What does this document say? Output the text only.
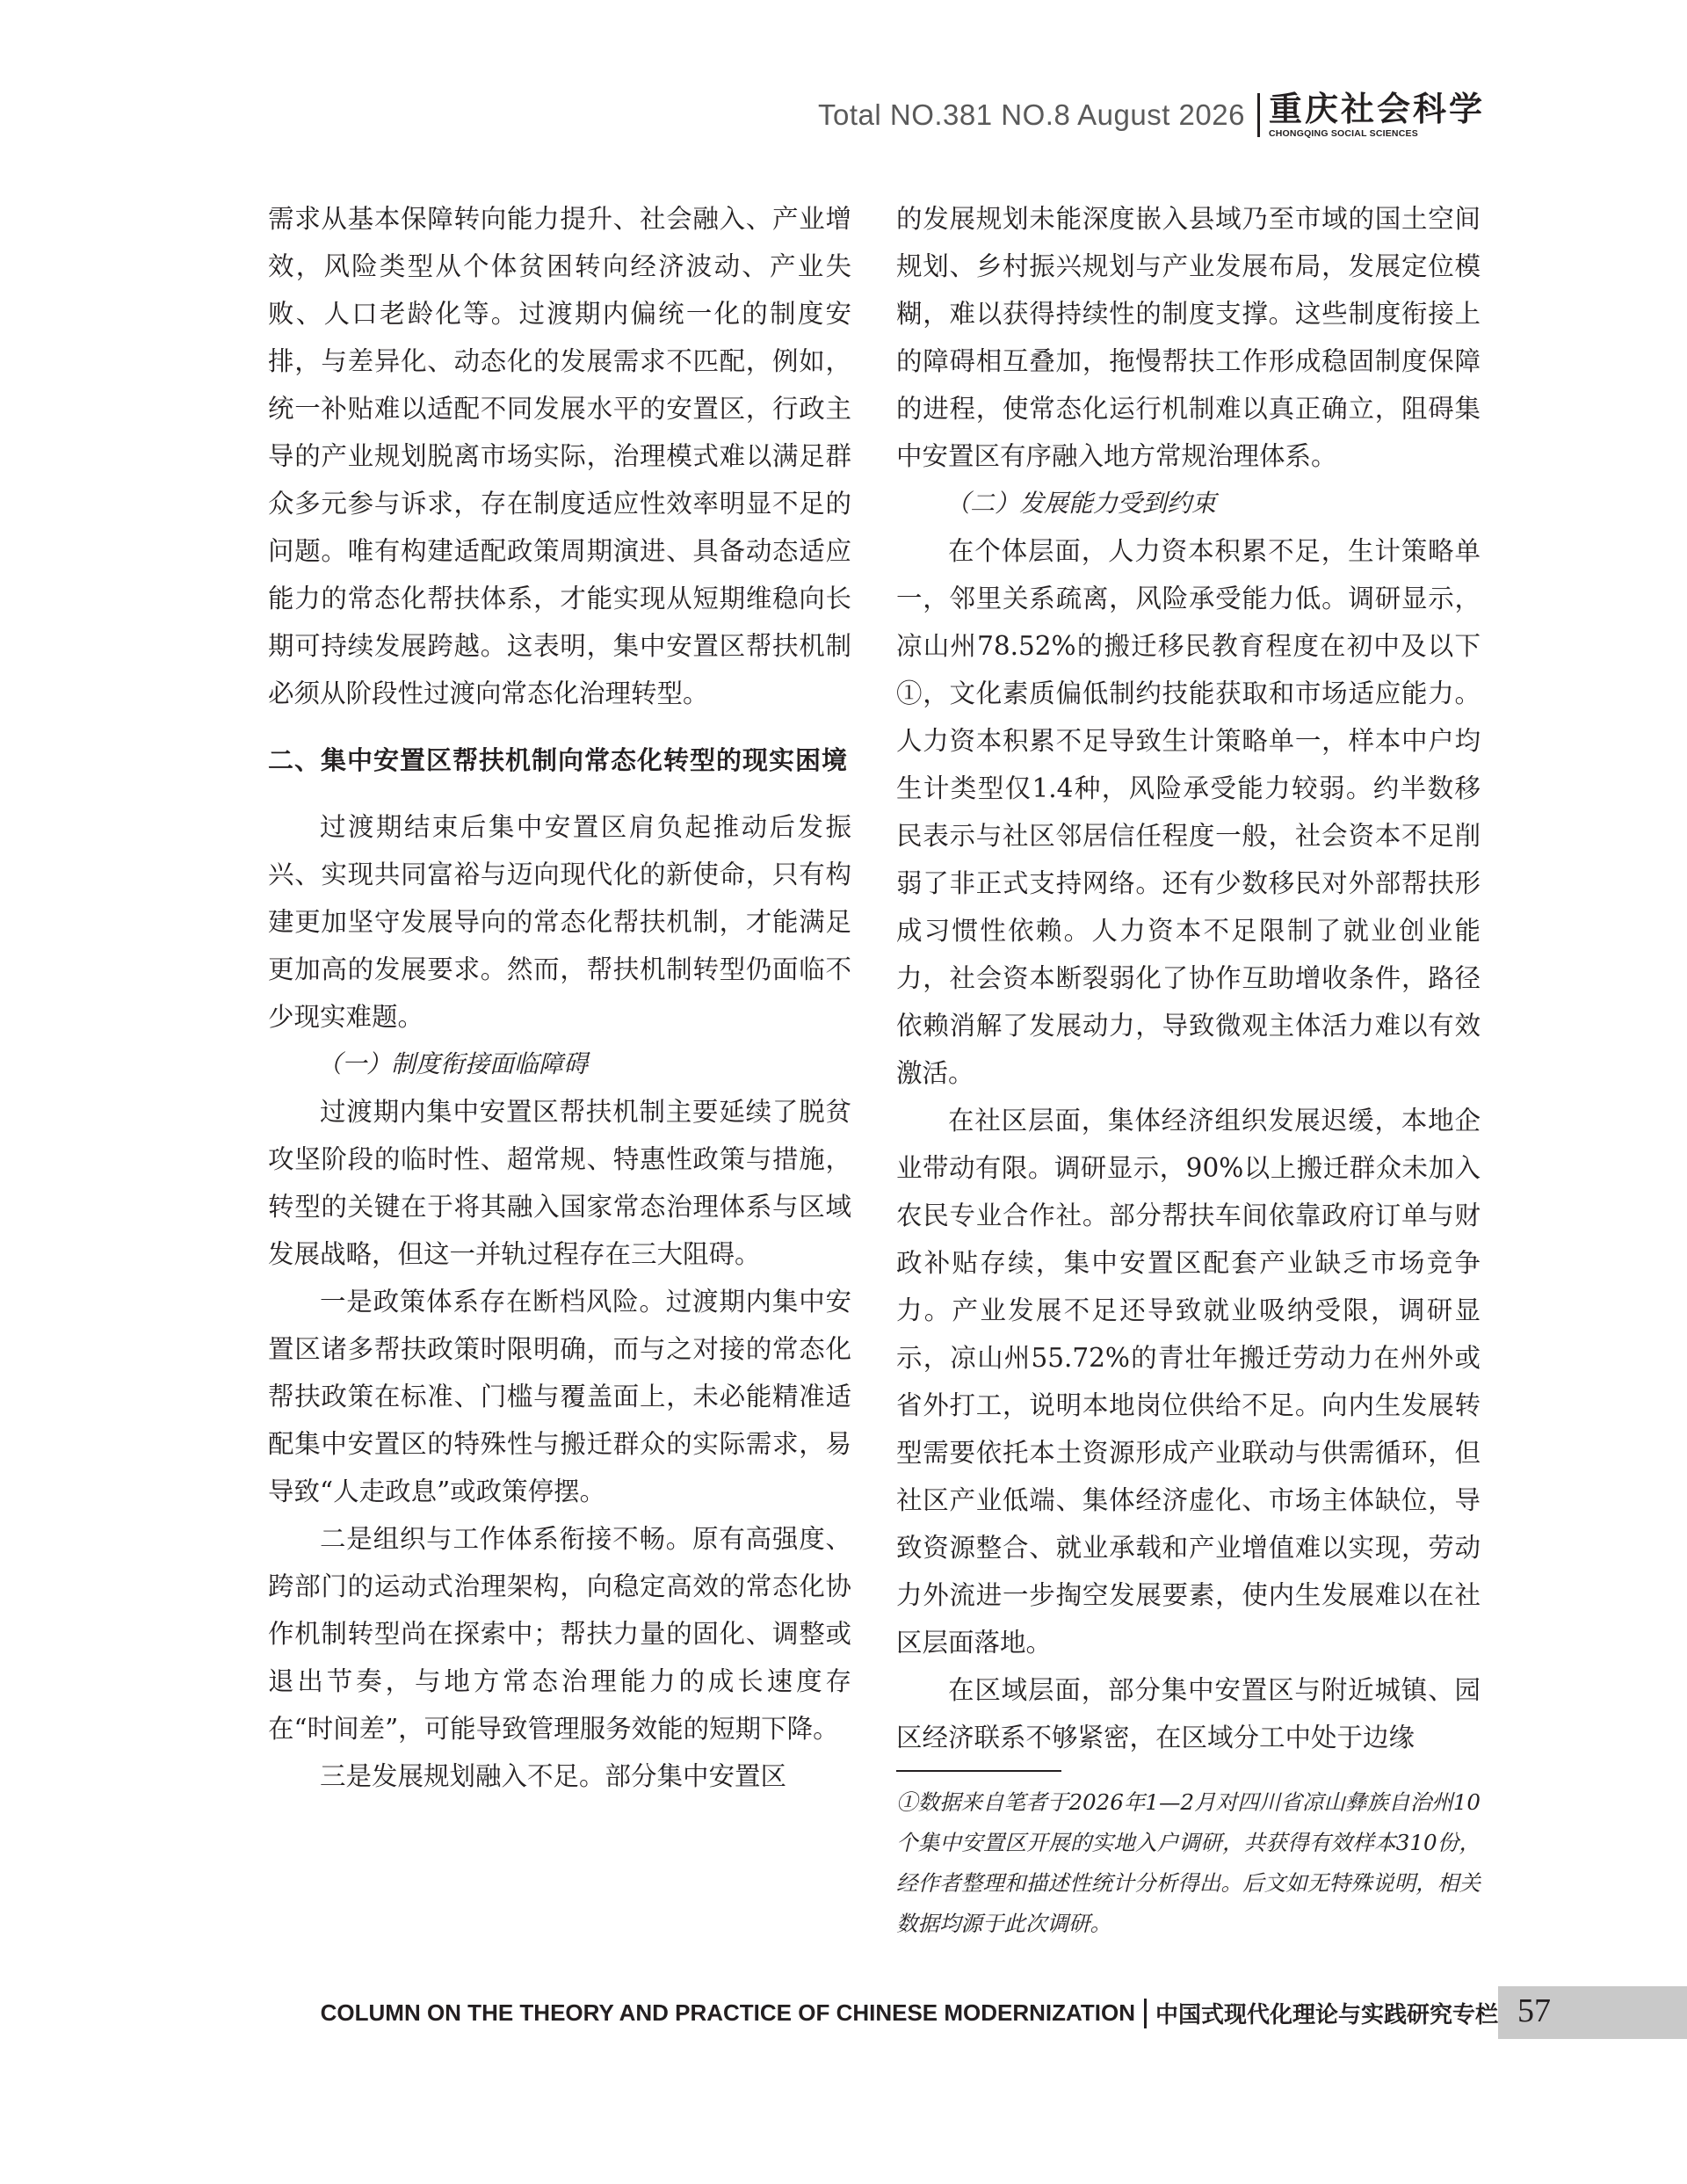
Total NO.381 NO.8 August 2026 重庆社会科学
CHONGQING SOCIAL SCIENCES

需求从基本保障转向能力提升、社会融入、产业增效，风险类型从个体贫困转向经济波动、产业失败、人口老龄化等。过渡期内偏统一化的制度安排，与差异化、动态化的发展需求不匹配，例如，统一补贴难以适配不同发展水平的安置区，行政主导的产业规划脱离市场实际，治理模式难以满足群众多元参与诉求，存在制度适应性效率明显不足的问题。唯有构建适配政策周期演进、具备动态适应能力的常态化帮扶体系，才能实现从短期维稳向长期可持续发展跨越。这表明，集中安置区帮扶机制必须从阶段性过渡向常态化治理转型。

二、集中安置区帮扶机制向常态化转型的现实困境

过渡期结束后集中安置区肩负起推动后发振兴、实现共同富裕与迈向现代化的新使命，只有构建更加坚守发展导向的常态化帮扶机制，才能满足更加高的发展要求。然而，帮扶机制转型仍面临不少现实难题。

（一）制度衔接面临障碍

过渡期内集中安置区帮扶机制主要延续了脱贫攻坚阶段的临时性、超常规、特惠性政策与措施，转型的关键在于将其融入国家常态治理体系与区域发展战略，但这一并轨过程存在三大阻碍。

一是政策体系存在断档风险。过渡期内集中安置区诸多帮扶政策时限明确，而与之对接的常态化帮扶政策在标准、门槛与覆盖面上，未必能精准适配集中安置区的特殊性与搬迁群众的实际需求，易导致“人走政息”或政策停摆。

二是组织与工作体系衔接不畅。原有高强度、跨部门的运动式治理架构，向稳定高效的常态化协作机制转型尚在探索中；帮扶力量的固化、调整或退出节奏，与地方常态治理能力的成长速度存在“时间差”，可能导致管理服务效能的短期下降。

三是发展规划融入不足。部分集中安置区

的发展规划未能深度嵌入县域乃至市域的国土空间规划、乡村振兴规划与产业发展布局，发展定位模糊，难以获得持续性的制度支撑。这些制度衔接上的障碍相互叠加，拖慢帮扶工作形成稳固制度保障的进程，使常态化运行机制难以真正确立，阻碍集中安置区有序融入地方常规治理体系。

（二）发展能力受到约束

在个体层面，人力资本积累不足，生计策略单一，邻里关系疏离，风险承受能力低。调研显示，凉山州78.52%的搬迁移民教育程度在初中及以下①，文化素质偏低制约技能获取和市场适应能力。人力资本积累不足导致生计策略单一，样本中户均生计类型仅1.4种，风险承受能力较弱。约半数移民表示与社区邻居信任程度一般，社会资本不足削弱了非正式支持网络。还有少数移民对外部帮扶形成习惯性依赖。人力资本不足限制了就业创业能力，社会资本断裂弱化了协作互助增收条件，路径依赖消解了发展动力，导致微观主体活力难以有效激活。

在社区层面，集体经济组织发展迟缓，本地企业带动有限。调研显示，90%以上搬迁群众未加入农民专业合作社。部分帮扶车间依靠政府订单与财政补贴存续，集中安置区配套产业缺乏市场竞争力。产业发展不足还导致就业吸纳受限，调研显示，凉山州55.72%的青壮年搬迁劳动力在州外或省外打工，说明本地岗位供给不足。向内生发展转型需要依托本土资源形成产业联动与供需循环，但社区产业低端、集体经济虚化、市场主体缺位，导致资源整合、就业承载和产业增值难以实现，劳动力外流进一步掏空发展要素，使内生发展难以在社区层面落地。

在区域层面，部分集中安置区与附近城镇、园区经济联系不够紧密，在区域分工中处于边缘

①数据来自笔者于2026年1—2月对四川省凉山彝族自治州10个集中安置区开展的实地入户调研，共获得有效样本310份，经作者整理和描述性统计分析得出。后文如无特殊说明，相关数据均源于此次调研。

COLUMN ON THE THEORY AND PRACTICE OF CHINESE MODERNIZATION 中国式现代化理论与实践研究专栏 57
